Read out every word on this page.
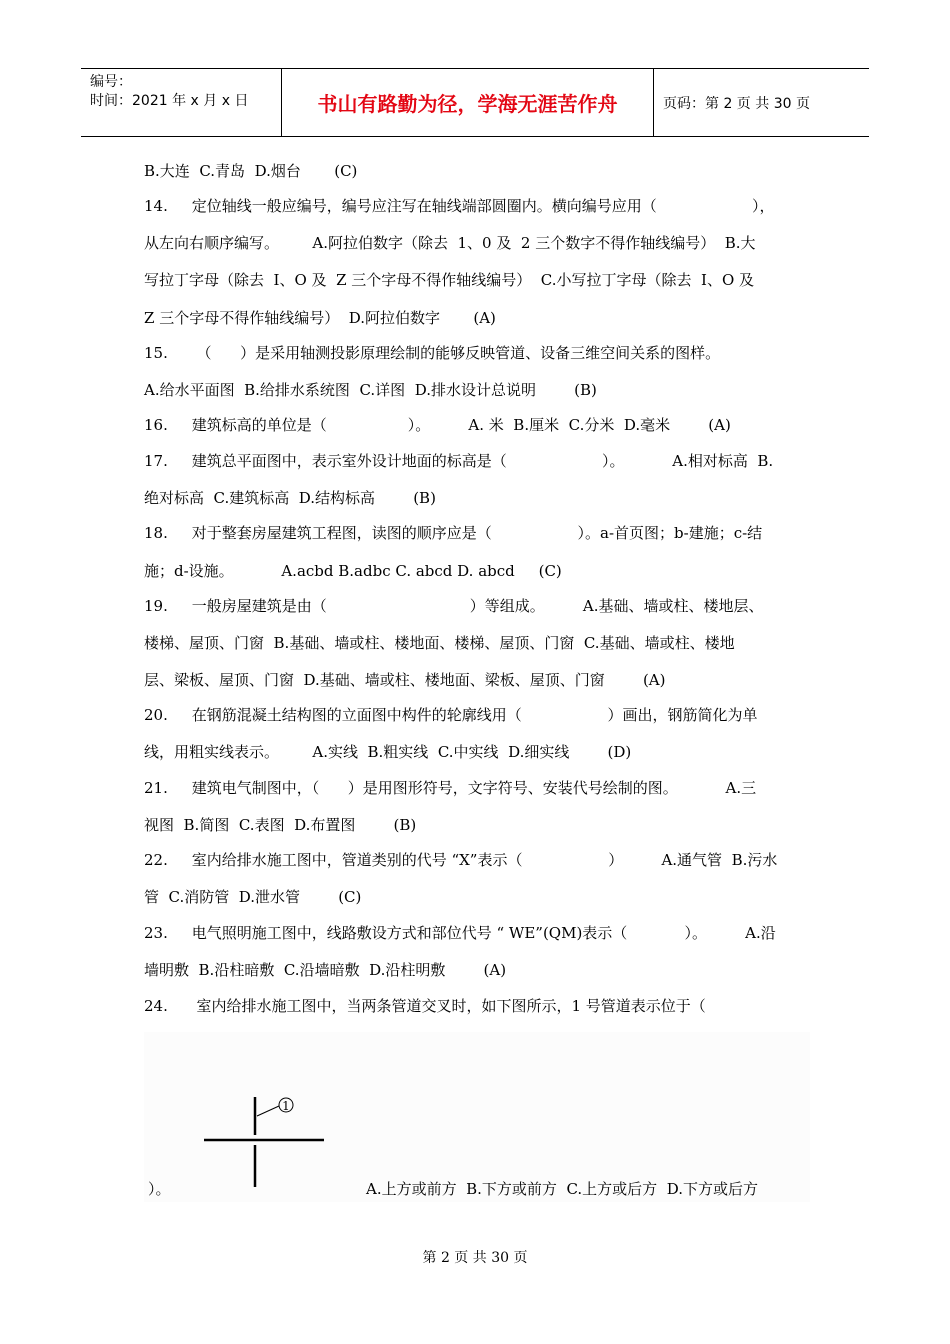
编号：
时间：2021 年 x 月 x 日	书山有路勤为径，学海无涯苦作舟	页码：第 2 页 共 30 页
B.大连  C.青岛  D.烟台       (C)
14.     定位轴线一般应编号，编号应注写在轴线端部圆圈内。横向编号应用（                    ），
从左向右顺序编写。       A.阿拉伯数字（除去  1、0 及  2 三个数字不得作轴线编号）  B.大
写拉丁字母（除去  I、O 及  Z 三个字母不得作轴线编号）  C.小写拉丁字母（除去  I、O 及
Z 三个字母不得作轴线编号）  D.阿拉伯数字       (A)
15.      （      ）是采用轴测投影原理绘制的能够反映管道、设备三维空间关系的图样。
A.给水平面图  B.给排水系统图  C.详图  D.排水设计总说明        (B)
16.     建筑标高的单位是（                 ）。        A. 米  B.厘米  C.分米  D.毫米        (A)
17.     建筑总平面图中，表示室外设计地面的标高是（                    ）。          A.相对标高  B.
绝对标高  C.建筑标高  D.结构标高        (B)
18.     对于整套房屋建筑工程图，读图的顺序应是（                  ）。a-首页图；b-建施；c-结
施；d-设施。          A.acbd B.adbc C. abcd D. abcd     (C)
19.     一般房屋建筑是由（                              ）等组成。        A.基础、墙或柱、楼地层、
楼梯、屋顶、门窗  B.基础、墙或柱、楼地面、楼梯、屋顶、门窗  C.基础、墙或柱、楼地
层、梁板、屋顶、门窗  D.基础、墙或柱、楼地面、梁板、屋顶、门窗        (A)
20.     在钢筋混凝土结构图的立面图中构件的轮廓线用（                  ）画出，钢筋简化为单
线，用粗实线表示。       A.实线  B.粗实线  C.中实线  D.细实线        (D)
21.     建筑电气制图中，（      ）是用图形符号，文字符号、安装代号绘制的图。          A.三
视图  B.简图  C.表图  D.布置图        (B)
22.     室内给排水施工图中，管道类别的代号 “X”表示（                  ）        A.通气管  B.污水
管  C.消防管  D.泄水管        (C)
23.     电气照明施工图中，线路敷设方式和部位代号 “ WE”(QM)表示（            ）。        A.沿
墙明敷  B.沿柱暗敷  C.沿墙暗敷  D.沿柱明敷        (A)
24.      室内给排水施工图中，当两条管道交叉时，如下图所示，1 号管道表示位于（
1
）。	A.上方或前方  B.下方或前方  C.上方或后方  D.下方或后方
第 2 页 共 30 页
